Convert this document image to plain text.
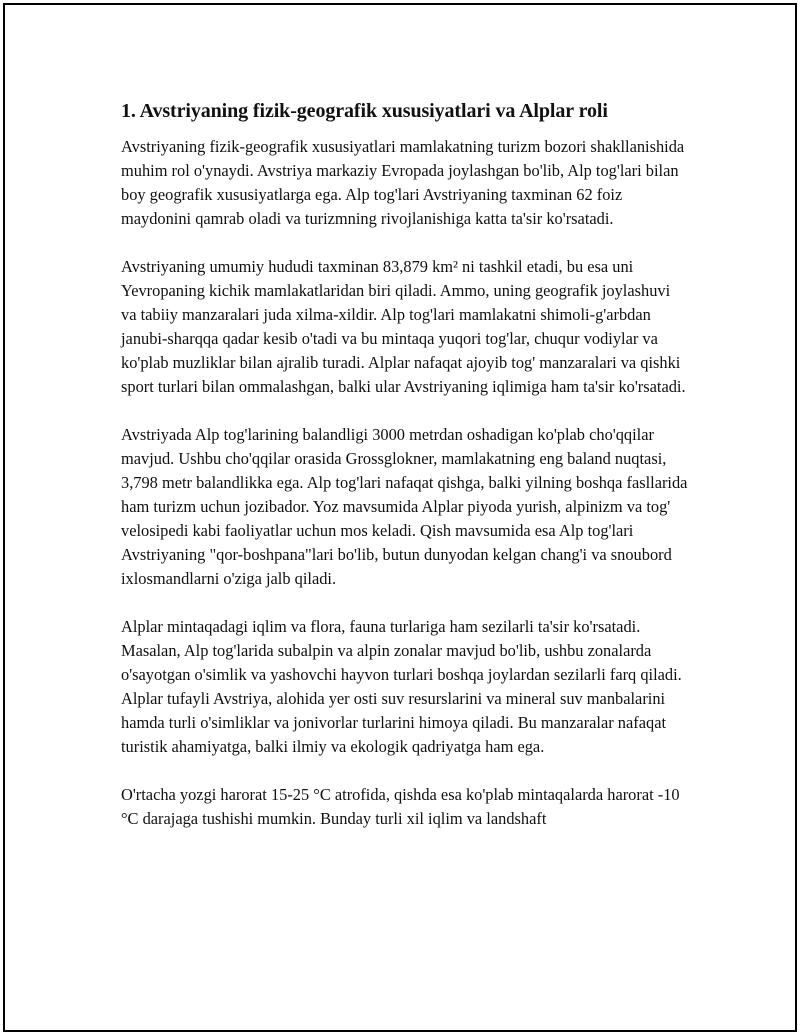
1. Avstriyaning fizik-geografik xususiyatlari va Alplar roli

Avstriyaning fizik-geografik xususiyatlari mamlakatning turizm bozori shakllanishida muhim rol o'ynaydi. Avstriya markaziy Evropada joylashgan bo'lib, Alp tog'lari bilan boy geografik xususiyatlarga ega. Alp tog'lari Avstriyaning taxminan 62 foiz maydonini qamrab oladi va turizmning rivojlanishiga katta ta'sir ko'rsatadi.

Avstriyaning umumiy hududi taxminan 83,879 km² ni tashkil etadi, bu esa uni Yevropaning kichik mamlakatlaridan biri qiladi. Ammo, uning geografik joylashuvi va tabiiy manzaralari juda xilma-xildir. Alp tog'lari mamlakatni shimoli-g'arbdan janubi-sharqqa qadar kesib o'tadi va bu mintaqa yuqori tog'lar, chuqur vodiylar va ko'plab muzliklar bilan ajralib turadi. Alplar nafaqat ajoyib tog' manzaralari va qishki sport turlari bilan ommalashgan, balki ular Avstriyaning iqlimiga ham ta'sir ko'rsatadi.

Avstriyada Alp tog'larining balandligi 3000 metrdan oshadigan ko'plab cho'qqilar mavjud. Ushbu cho'qqilar orasida Grossglokner, mamlakatning eng baland nuqtasi, 3,798 metr balandlikka ega. Alp tog'lari nafaqat qishga, balki yilning boshqa fasllarida ham turizm uchun jozibador. Yoz mavsumida Alplar piyoda yurish, alpinizm va tog' velosipedi kabi faoliyatlar uchun mos keladi. Qish mavsumida esa Alp tog'lari Avstriyaning "qor-boshpana"lari bo'lib, butun dunyodan kelgan chang'i va snoubord ixlosmandlarni o'ziga jalb qiladi.

Alplar mintaqadagi iqlim va flora, fauna turlariga ham sezilarli ta'sir ko'rsatadi. Masalan, Alp tog'larida subalpin va alpin zonalar mavjud bo'lib, ushbu zonalarda o'sayotgan o'simlik va yashovchi hayvon turlari boshqa joylardan sezilarli farq qiladi. Alplar tufayli Avstriya, alohida yer osti suv resurslarini va mineral suv manbalarini hamda turli o'simliklar va jonivorlar turlarini himoya qiladi. Bu manzaralar nafaqat turistik ahamiyatga, balki ilmiy va ekologik qadriyatga ham ega.

O'rtacha yozgi harorat 15-25 °C atrofida, qishda esa ko'plab mintaqalarda harorat -10 °C darajaga tushishi mumkin. Bunday turli xil iqlim va landshaft
